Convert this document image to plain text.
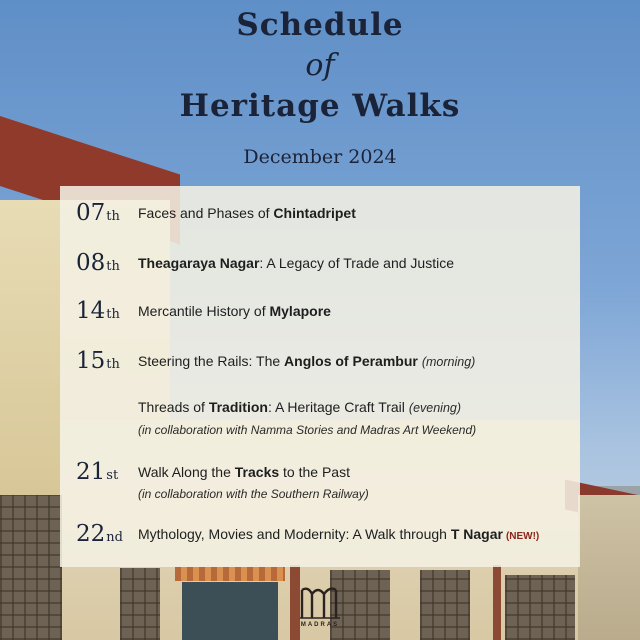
Schedule
of
Heritage Walks
December 2024
07th	Faces and Phases of Chintadripet
08th	Theagaraya Nagar: A Legacy of Trade and Justice
14th	Mercantile History of Mylapore
15th	Steering the Rails: The Anglos of Perambur (morning)
Threads of Tradition: A Heritage Craft Trail (evening)
(in collaboration with Namma Stories and Madras Art Weekend)
21st	Walk Along the Tracks to the Past
(in collaboration with the Southern Railway)
22nd	Mythology, Movies and Modernity: A Walk through T Nagar (NEW!)
MADRAS
